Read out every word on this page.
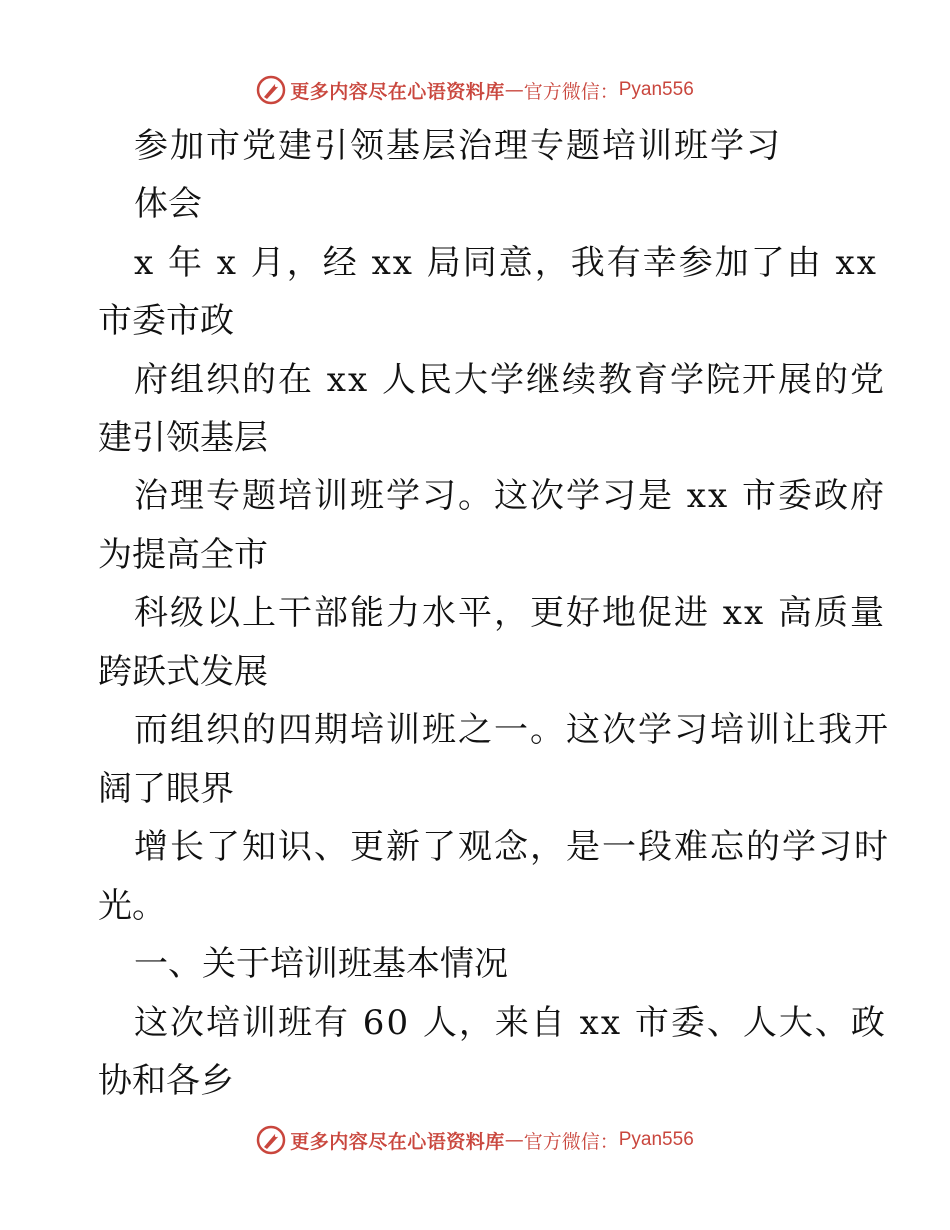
更多内容尽在心语资料库 — 官方微信： Pyan556
参加市党建引领基层治理专题培训班学习
体会
x 年 x 月，经 xx 局同意，我有幸参加了由 xx
市委市政
府组织的在 xx 人民大学继续教育学院开展的党
建引领基层
治理专题培训班学习。这次学习是 xx 市委政府
为提高全市
科级以上干部能力水平，更好地促进 xx 高质量
跨跃式发展
而组织的四期培训班之一。这次学习培训让我开
阔了眼界
增长了知识、更新了观念，是一段难忘的学习时
光。
一、关于培训班基本情况
这次培训班有 60 人，来自 xx 市委、人大、政
协和各乡
更多内容尽在心语资料库 — 官方微信： Pyan556
